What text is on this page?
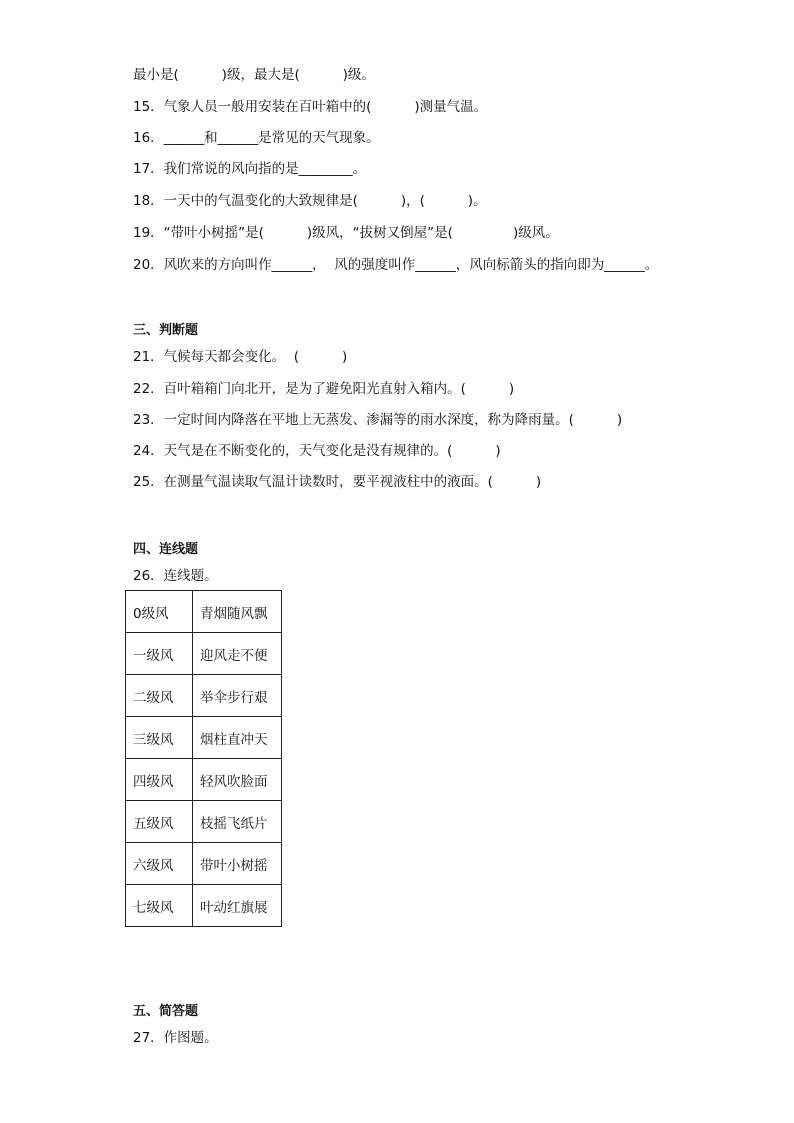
最小是(          )级，最大是(          )级。
15．气象人员一般用安装在百叶箱中的(          )测量气温。
16．______和______是常见的天气现象。
17．我们常说的风向指的是________。
18．一天中的气温变化的大致规律是(          )，(          )。
19．“带叶小树摇”是(          )级风，“拔树又倒屋”是(              )级风。
20．风吹来的方向叫作______，  风的强度叫作______，风向标箭头的指向即为______。
三、判断题
21．气候每天都会变化。  (          )
22．百叶箱箱门向北开，是为了避免阳光直射入箱内。(          )
23．一定时间内降落在平地上无蒸发、渗漏等的雨水深度，称为降雨量。(          )
24．天气是在不断变化的，天气变化是没有规律的。(          )
25．在测量气温读取气温计读数时，要平视液柱中的液面。(          )
四、连线题
26．连线题。
0级风	青烟随风飘
一级风	迎风走不便
二级风	举伞步行艰
三级风	烟柱直冲天
四级风	轻风吹脸面
五级风	枝摇飞纸片
六级风	带叶小树摇
七级风	叶动红旗展
五、简答题
27．作图题。
